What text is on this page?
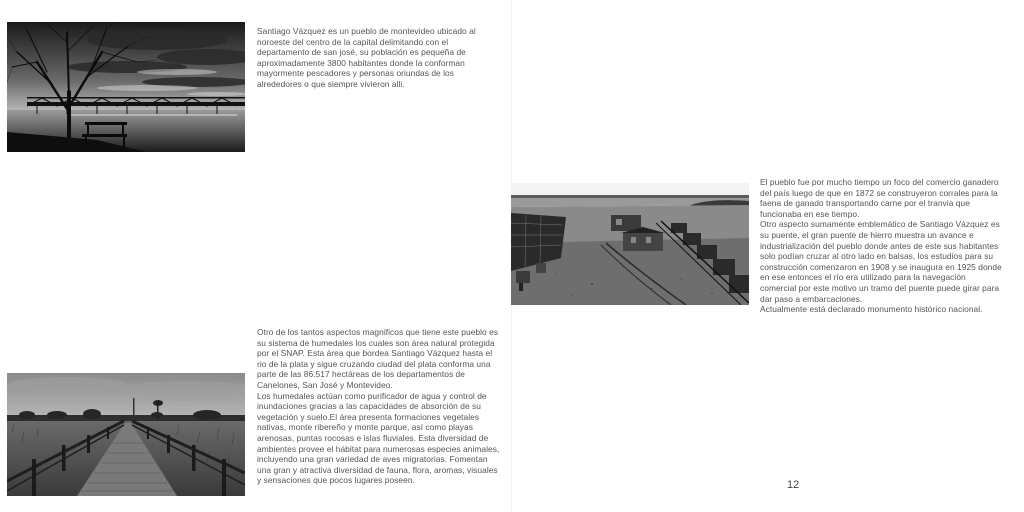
Santiago Vázquez es un pueblo de montevideo ubicado al noroeste del centro de la capital delimitando con el departamento de san josé, su población es pequeña de aproximadamente 3800 habitantes donde la conforman mayormente pescadores y personas oriundas de los alrededores o que siempre vivieron alli.

Otro de los tantos aspectos magnificos que tiene este pueblo es su sistema de humedales los cuales son área natural protegida por el SNAP. Esta área que bordea Santiago Vázquez hasta el rio de la plata y sigue cruzando ciudad del plata conforma una parte de las 86.517 hectáreas de los departamentos de Canelones, San José y Montevideo.

Los humedales actúan como purificador de agua y control de inundaciones gracias a las capacidades de absorción de su vegetación y suelo.El área presenta formaciones vegetales nativas, monte ribereño y monte parque, así como playas arenosas, puntas rocosas e islas fluviales. Esta diversidad de ambientes provee el hábitat para numerosas especies animales, incluyendo una gran variedad de aves migratorias. Fomentan una gran y atractiva diversidad de fauna, flora, aromas, visuales y sensaciones que pocos lugares poseen.

El pueblo fue por mucho tiempo un foco del comercio ganadero del país luego de que en 1872 se construyeron corrales para la faena de ganado transportando carne por el tranvia que funcionaba en ese tiempo.

Otro aspecto sumamente emblemático de Santiago Vázquez es su puente, el gran puente de hierro muestra un avance e industrialización del pueblo donde antes de este sus habitantes solo podían cruzar al otro lado en balsas, los estudios para su construcción comenzaron en 1908 y se inaugura en 1925 donde en ese entonces el río era utilizado para la navegación comercial por este motivo un tramo del puente puede girar para dar paso a embarcaciones.

Actualmente está declarado monumento histórico nacional.

12
